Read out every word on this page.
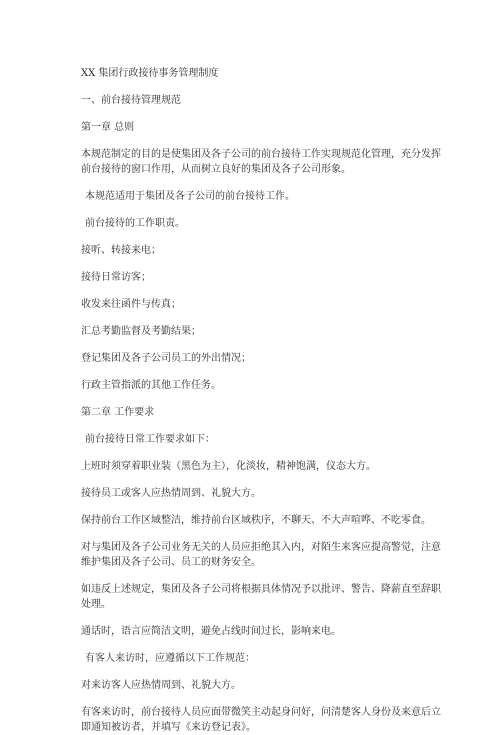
XX 集团行政接待事务管理制度

一、前台接待管理规范

第一章 总则

本规范制定的目的是使集团及各子公司的前台接待工作实现规范化管理，充分发挥前台接待的窗口作用，从而树立良好的集团及各子公司形象。

本规范适用于集团及各子公司的前台接待工作。

前台接待的工作职责。

接听、转接来电；

接待日常访客；

收发来往函件与传真；

汇总考勤监督及考勤结果；

登记集团及各子公司员工的外出情况；

行政主管指派的其他工作任务。

第二章 工作要求

前台接待日常工作要求如下：

上班时须穿着职业装（黑色为主），化淡妆，精神饱满，仪态大方。

接待员工或客人应热情周到、礼貌大方。

保持前台工作区域整洁，维持前台区域秩序，不聊天、不大声喧哗、不吃零食。

对与集团及各子公司业务无关的人员应拒绝其入内，对陌生来客应提高警觉，注意维护集团及各子公司、员工的财务安全。

如违反上述规定，集团及各子公司将根据具体情况予以批评、警告、降薪直至辞职处理。

通话时，语言应简洁文明，避免占线时间过长，影响来电。

有客人来访时，应遵循以下工作规范：

对来访客人应热情周到、礼貌大方。

有客来访时，前台接待人员应面带微笑主动起身问好，问清楚客人身份及来意后立即通知被访者，并填写《来访登记表》。
